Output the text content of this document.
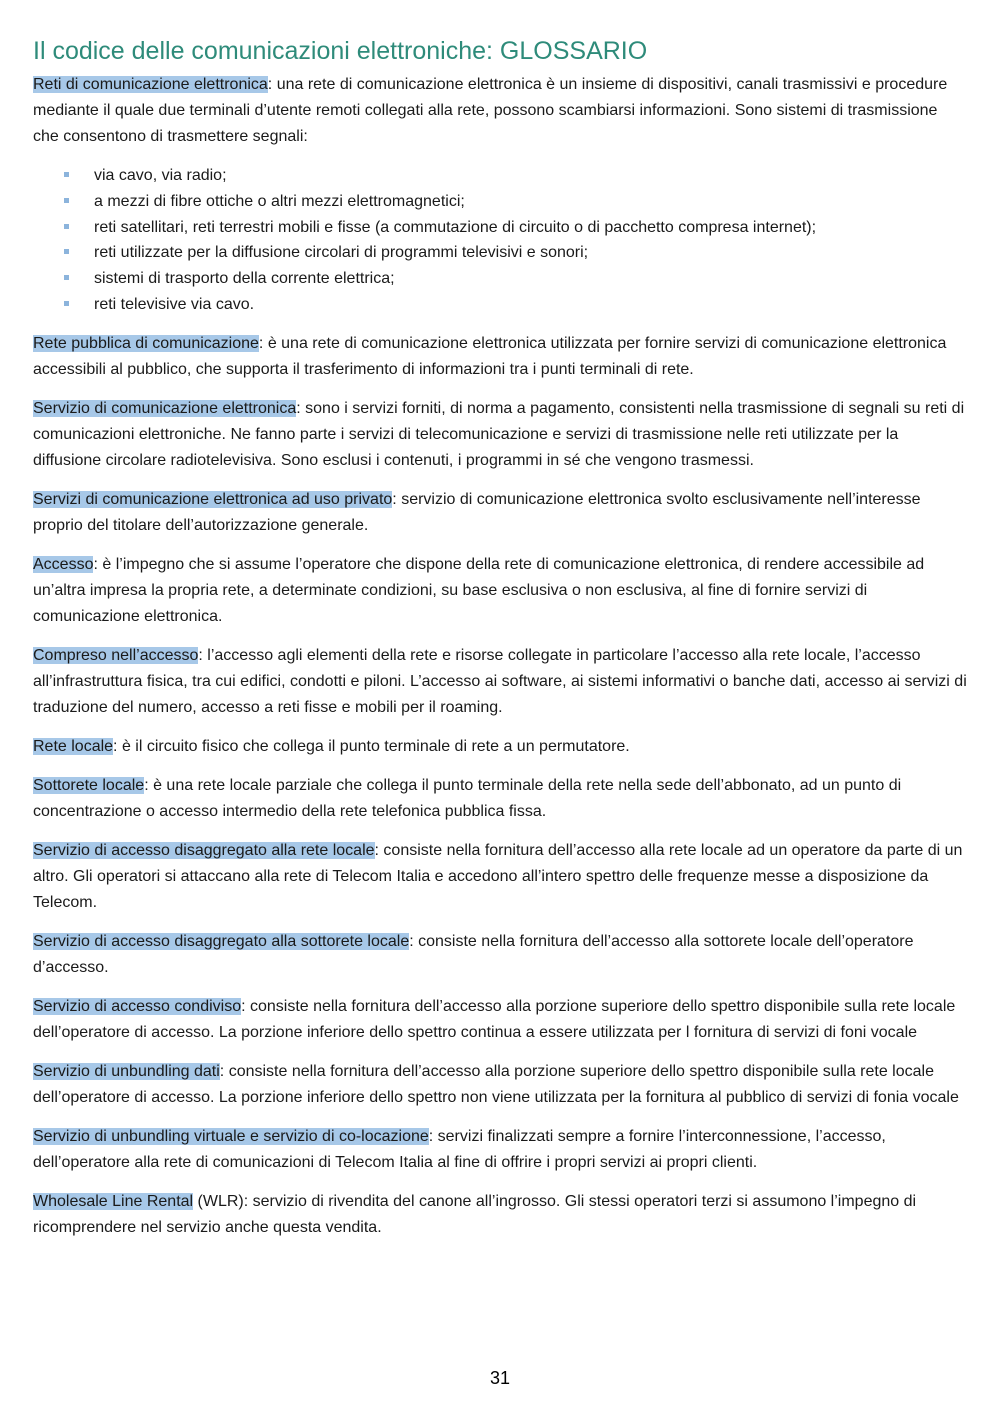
Il codice delle comunicazioni elettroniche: GLOSSARIO

Reti di comunicazione elettronica: una rete di comunicazione elettronica è un insieme di dispositivi, canali trasmissivi e procedure mediante il quale due terminali d’utente remoti collegati alla rete, possono scambiarsi informazioni. Sono sistemi di trasmissione che consentono di trasmettere segnali:

via cavo, via radio;
a mezzi di fibre ottiche o altri mezzi elettromagnetici;
reti satellitari, reti terrestri mobili e fisse (a commutazione di circuito o di pacchetto compresa internet);
reti utilizzate per la diffusione circolari di programmi televisivi e sonori;
sistemi di trasporto della corrente elettrica;
reti televisive via cavo.

Rete pubblica di comunicazione: è una rete di comunicazione elettronica utilizzata per fornire servizi di comunicazione elettronica accessibili al pubblico, che supporta il trasferimento di informazioni tra i punti terminali di rete.

Servizio di comunicazione elettronica: sono i servizi forniti, di norma a pagamento, consistenti nella trasmissione di segnali su reti di comunicazioni elettroniche. Ne fanno parte i servizi di telecomunicazione e servizi di trasmissione nelle reti utilizzate per la diffusione circolare radiotelevisiva. Sono esclusi i contenuti, i programmi in sé che vengono trasmessi.

Servizi di comunicazione elettronica ad uso privato: servizio di comunicazione elettronica svolto esclusivamente nell’interesse proprio del titolare dell’autorizzazione generale.

Accesso: è l’impegno che si assume l’operatore che dispone della rete di comunicazione elettronica, di rendere accessibile ad un’altra impresa la propria rete, a determinate condizioni, su base esclusiva o non esclusiva, al fine di fornire servizi di comunicazione elettronica.

Compreso nell’accesso: l’accesso agli elementi della rete e risorse collegate in particolare l’accesso alla rete locale, l’accesso all’infrastruttura fisica, tra cui edifici, condotti e piloni. L’accesso ai software, ai sistemi informativi o banche dati, accesso ai servizi di traduzione del numero, accesso a reti fisse e mobili per il roaming.

Rete locale: è il circuito fisico che collega il punto terminale di rete a un permutatore.

Sottorete locale: è una rete locale parziale che collega il punto terminale della rete nella sede dell’abbonato, ad un punto di concentrazione o accesso intermedio della rete telefonica pubblica fissa.

Servizio di accesso disaggregato alla rete locale: consiste nella fornitura dell’accesso alla rete locale ad un operatore da parte di un altro. Gli operatori si attaccano alla rete di Telecom Italia e accedono all’intero spettro delle frequenze messe a disposizione da Telecom.

Servizio di accesso disaggregato alla sottorete locale: consiste nella fornitura dell’accesso alla sottorete locale dell’operatore d’accesso.

Servizio di accesso condiviso: consiste nella fornitura dell’accesso alla porzione superiore dello spettro disponibile sulla rete locale dell’operatore di accesso. La porzione inferiore dello spettro continua a essere utilizzata per l fornitura di servizi di foni vocale

Servizio di unbundling dati: consiste nella fornitura dell’accesso alla porzione superiore dello spettro disponibile sulla rete locale dell’operatore di accesso. La porzione inferiore dello spettro non viene utilizzata per la fornitura al pubblico di servizi di fonia vocale

Servizio di unbundling virtuale e servizio di co-locazione: servizi finalizzati sempre a fornire l’interconnessione, l’accesso, dell’operatore alla rete di comunicazioni di Telecom Italia al fine di offrire i propri servizi ai propri clienti.

Wholesale Line Rental (WLR): servizio di rivendita del canone all’ingrosso. Gli stessi operatori terzi si assumono l’impegno di ricomprendere nel servizio anche questa vendita.

31
